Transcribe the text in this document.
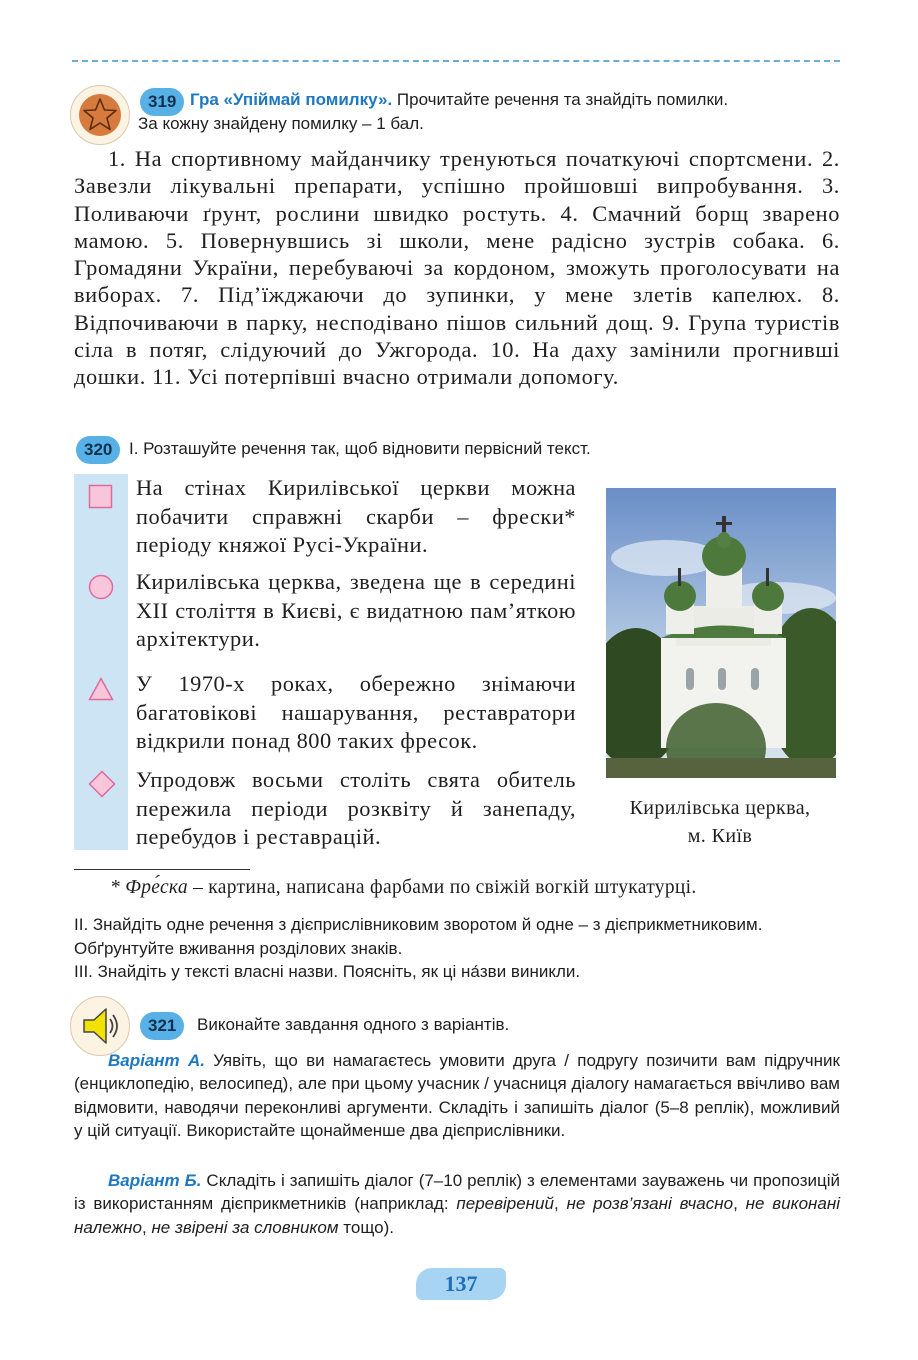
319 Гра «Упіймай помилку». Прочитайте речення та знайдіть помилки.
За кожну знайдену помилку – 1 бал.
1. На спортивному майданчику тренуються початкуючі спортсмени. 2. Завезли лікувальні препарати, успішно пройшовші випробування. 3. Поливаючи ґрунт, рослини швидко ростуть. 4. Смачний борщ зварено мамою. 5. Повернувшись зі школи, мене радісно зустрів собака. 6. Громадяни України, перебуваючі за кордоном, зможуть проголосувати на виборах. 7. Під’їжджаючи до зупинки, у мене злетів капелюх. 8. Відпочиваючи в парку, несподівано пішов сильний дощ. 9. Група туристів сіла в потяг, слідуючий до Ужгорода. 10. На даху замінили прогнивші дошки. 11. Усі потерпівші вчасно отримали допомогу.
320 І. Розташуйте речення так, щоб відновити первісний текст.
На стінах Кирилівської церкви можна побачити справжні скарби – фрески* періоду княжої Русі-України.
Кирилівська церква, зведена ще в середині ХІІ століття в Києві, є видатною пам’яткою архітектури.
У 1970-х роках, обережно знімаючи багатовікові нашарування, реставратори відкрили понад 800 таких фресок.
Упродовж восьми століть свята обитель пережила періоди розквіту й занепаду, перебудов і реставрацій.
Кирилівська церква,
м. Київ
* Фре́ска – картина, написана фарбами по свіжій вогкій штукатурці.
ІІ. Знайдіть одне речення з дієприслівниковим зворотом й одне – з дієприкметниковим. Обґрунтуйте вживання розділових знаків.
ІІІ. Знайдіть у тексті власні назви. Поясніть, як ці на́зви виникли.
321	Виконайте завдання одного з варіантів.
Варіант А. Уявіть, що ви намагаєтесь умовити друга / подругу позичити вам підручник (енциклопедію, велосипед), але при цьому учасник / учасниця діалогу намагається ввічливо вам відмовити, наводячи переконливі аргументи. Складіть і запишіть діалог (5–8 реплік), можливий у цій ситуації. Використайте щонайменше два дієприслівники.
Варіант Б. Складіть і запишіть діалог (7–10 реплік) з елементами зауважень чи пропозицій із використанням дієприкметників (наприклад: перевірений, не розв’язані вчасно, не виконані належно, не звірені за словником тощо).
137
